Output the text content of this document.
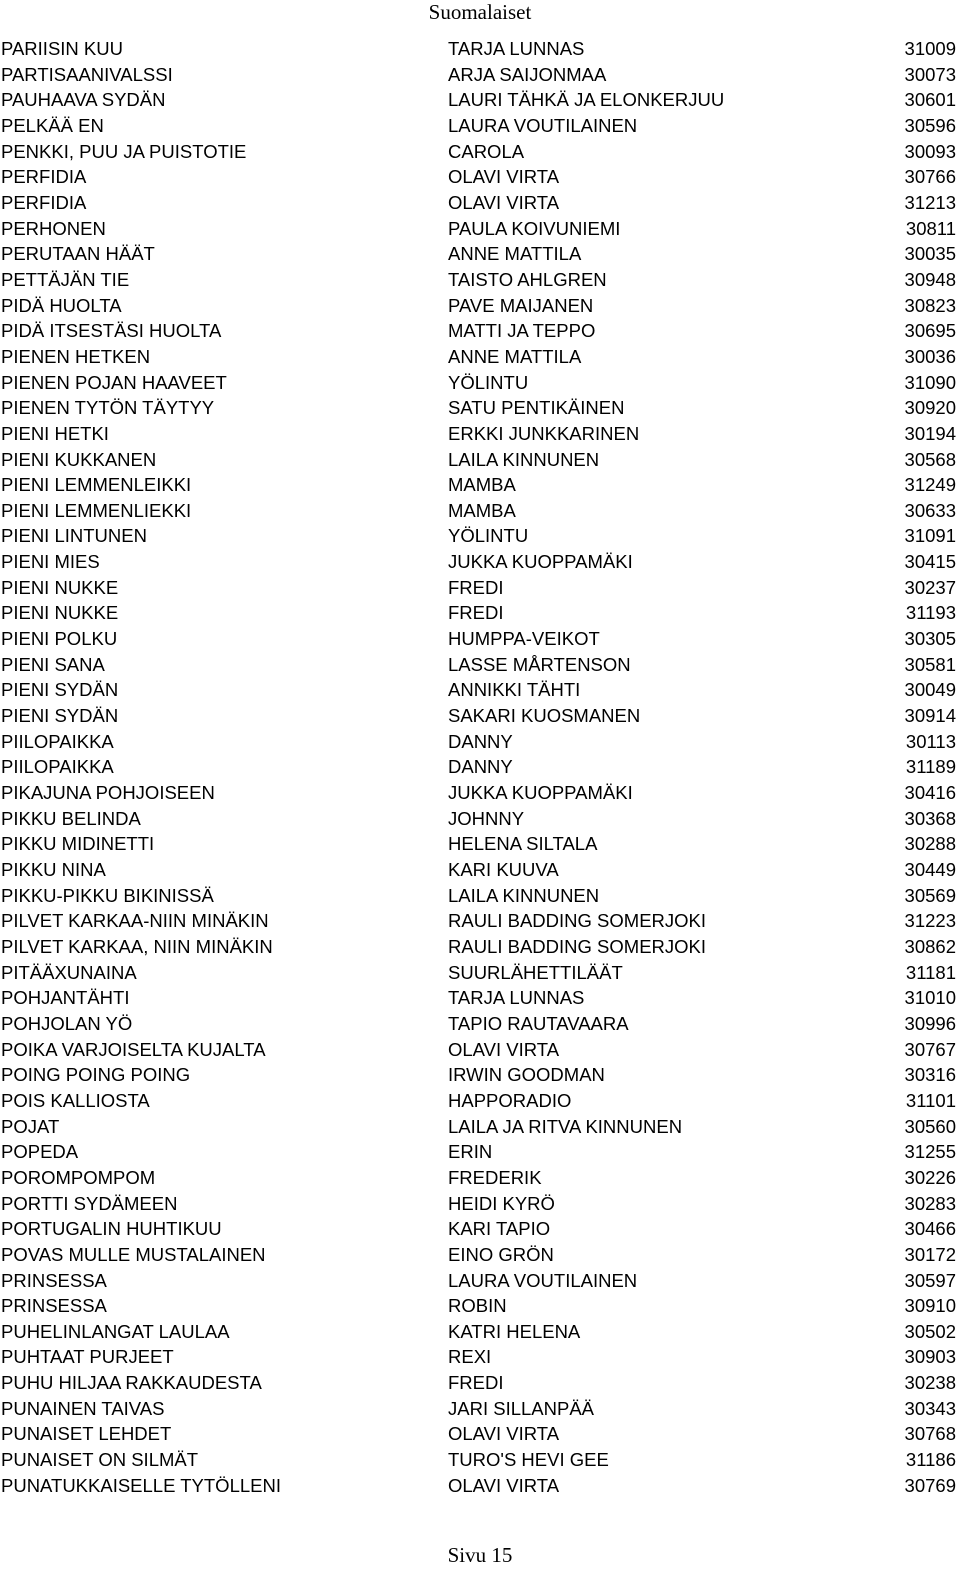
Suomalaiset
PARIISIN KUU	TARJA LUNNAS	31009
PARTISAANIVALSSI	ARJA SAIJONMAA	30073
PAUHAAVA SYDÄN	LAURI TÄHKÄ JA ELONKERJUU	30601
PELKÄÄ EN	LAURA VOUTILAINEN	30596
PENKKI, PUU JA PUISTOTIE	CAROLA	30093
PERFIDIA	OLAVI VIRTA	30766
PERFIDIA	OLAVI VIRTA	31213
PERHONEN	PAULA KOIVUNIEMI	30811
PERUTAAN HÄÄT	ANNE MATTILA	30035
PETTÄJÄN TIE	TAISTO AHLGREN	30948
PIDÄ HUOLTA	PAVE MAIJANEN	30823
PIDÄ ITSESTÄSI HUOLTA	MATTI JA TEPPO	30695
PIENEN HETKEN	ANNE MATTILA	30036
PIENEN POJAN HAAVEET	YÖLINTU	31090
PIENEN TYTÖN TÄYTYY	SATU PENTIKÄINEN	30920
PIENI HETKI	ERKKI JUNKKARINEN	30194
PIENI KUKKANEN	LAILA KINNUNEN	30568
PIENI LEMMENLEIKKI	MAMBA	31249
PIENI LEMMENLIEKKI	MAMBA	30633
PIENI LINTUNEN	YÖLINTU	31091
PIENI MIES	JUKKA KUOPPAMÄKI	30415
PIENI NUKKE	FREDI	30237
PIENI NUKKE	FREDI	31193
PIENI POLKU	HUMPPA-VEIKOT	30305
PIENI SANA	LASSE MÅRTENSON	30581
PIENI SYDÄN	ANNIKKI TÄHTI	30049
PIENI SYDÄN	SAKARI KUOSMANEN	30914
PIILOPAIKKA	DANNY	30113
PIILOPAIKKA	DANNY	31189
PIKAJUNA POHJOISEEN	JUKKA KUOPPAMÄKI	30416
PIKKU BELINDA	JOHNNY	30368
PIKKU MIDINETTI	HELENA SILTALA	30288
PIKKU NINA	KARI KUUVA	30449
PIKKU-PIKKU BIKINISSÄ	LAILA KINNUNEN	30569
PILVET KARKAA-NIIN MINÄKIN	RAULI BADDING SOMERJOKI	31223
PILVET KARKAA, NIIN MINÄKIN	RAULI BADDING SOMERJOKI	30862
PITÄÄXUNAINA	SUURLÄHETTILÄÄT	31181
POHJANTÄHTI	TARJA LUNNAS	31010
POHJOLAN YÖ	TAPIO RAUTAVAARA	30996
POIKA VARJOISELTA KUJALTA	OLAVI VIRTA	30767
POING POING POING	IRWIN GOODMAN	30316
POIS KALLIOSTA	HAPPORADIO	31101
POJAT	LAILA JA RITVA KINNUNEN	30560
POPEDA	ERIN	31255
POROMPOMPOM	FREDERIK	30226
PORTTI SYDÄMEEN	HEIDI KYRÖ	30283
PORTUGALIN HUHTIKUU	KARI TAPIO	30466
POVAS MULLE MUSTALAINEN	EINO GRÖN	30172
PRINSESSA	LAURA VOUTILAINEN	30597
PRINSESSA	ROBIN	30910
PUHELINLANGAT LAULAA	KATRI HELENA	30502
PUHTAAT PURJEET	REXI	30903
PUHU HILJAA RAKKAUDESTA	FREDI	30238
PUNAINEN TAIVAS	JARI SILLANPÄÄ	30343
PUNAISET LEHDET	OLAVI VIRTA	30768
PUNAISET ON SILMÄT	TURO'S HEVI GEE	31186
PUNATUKKAISELLE TYTÖLLENI	OLAVI VIRTA	30769
Sivu 15
